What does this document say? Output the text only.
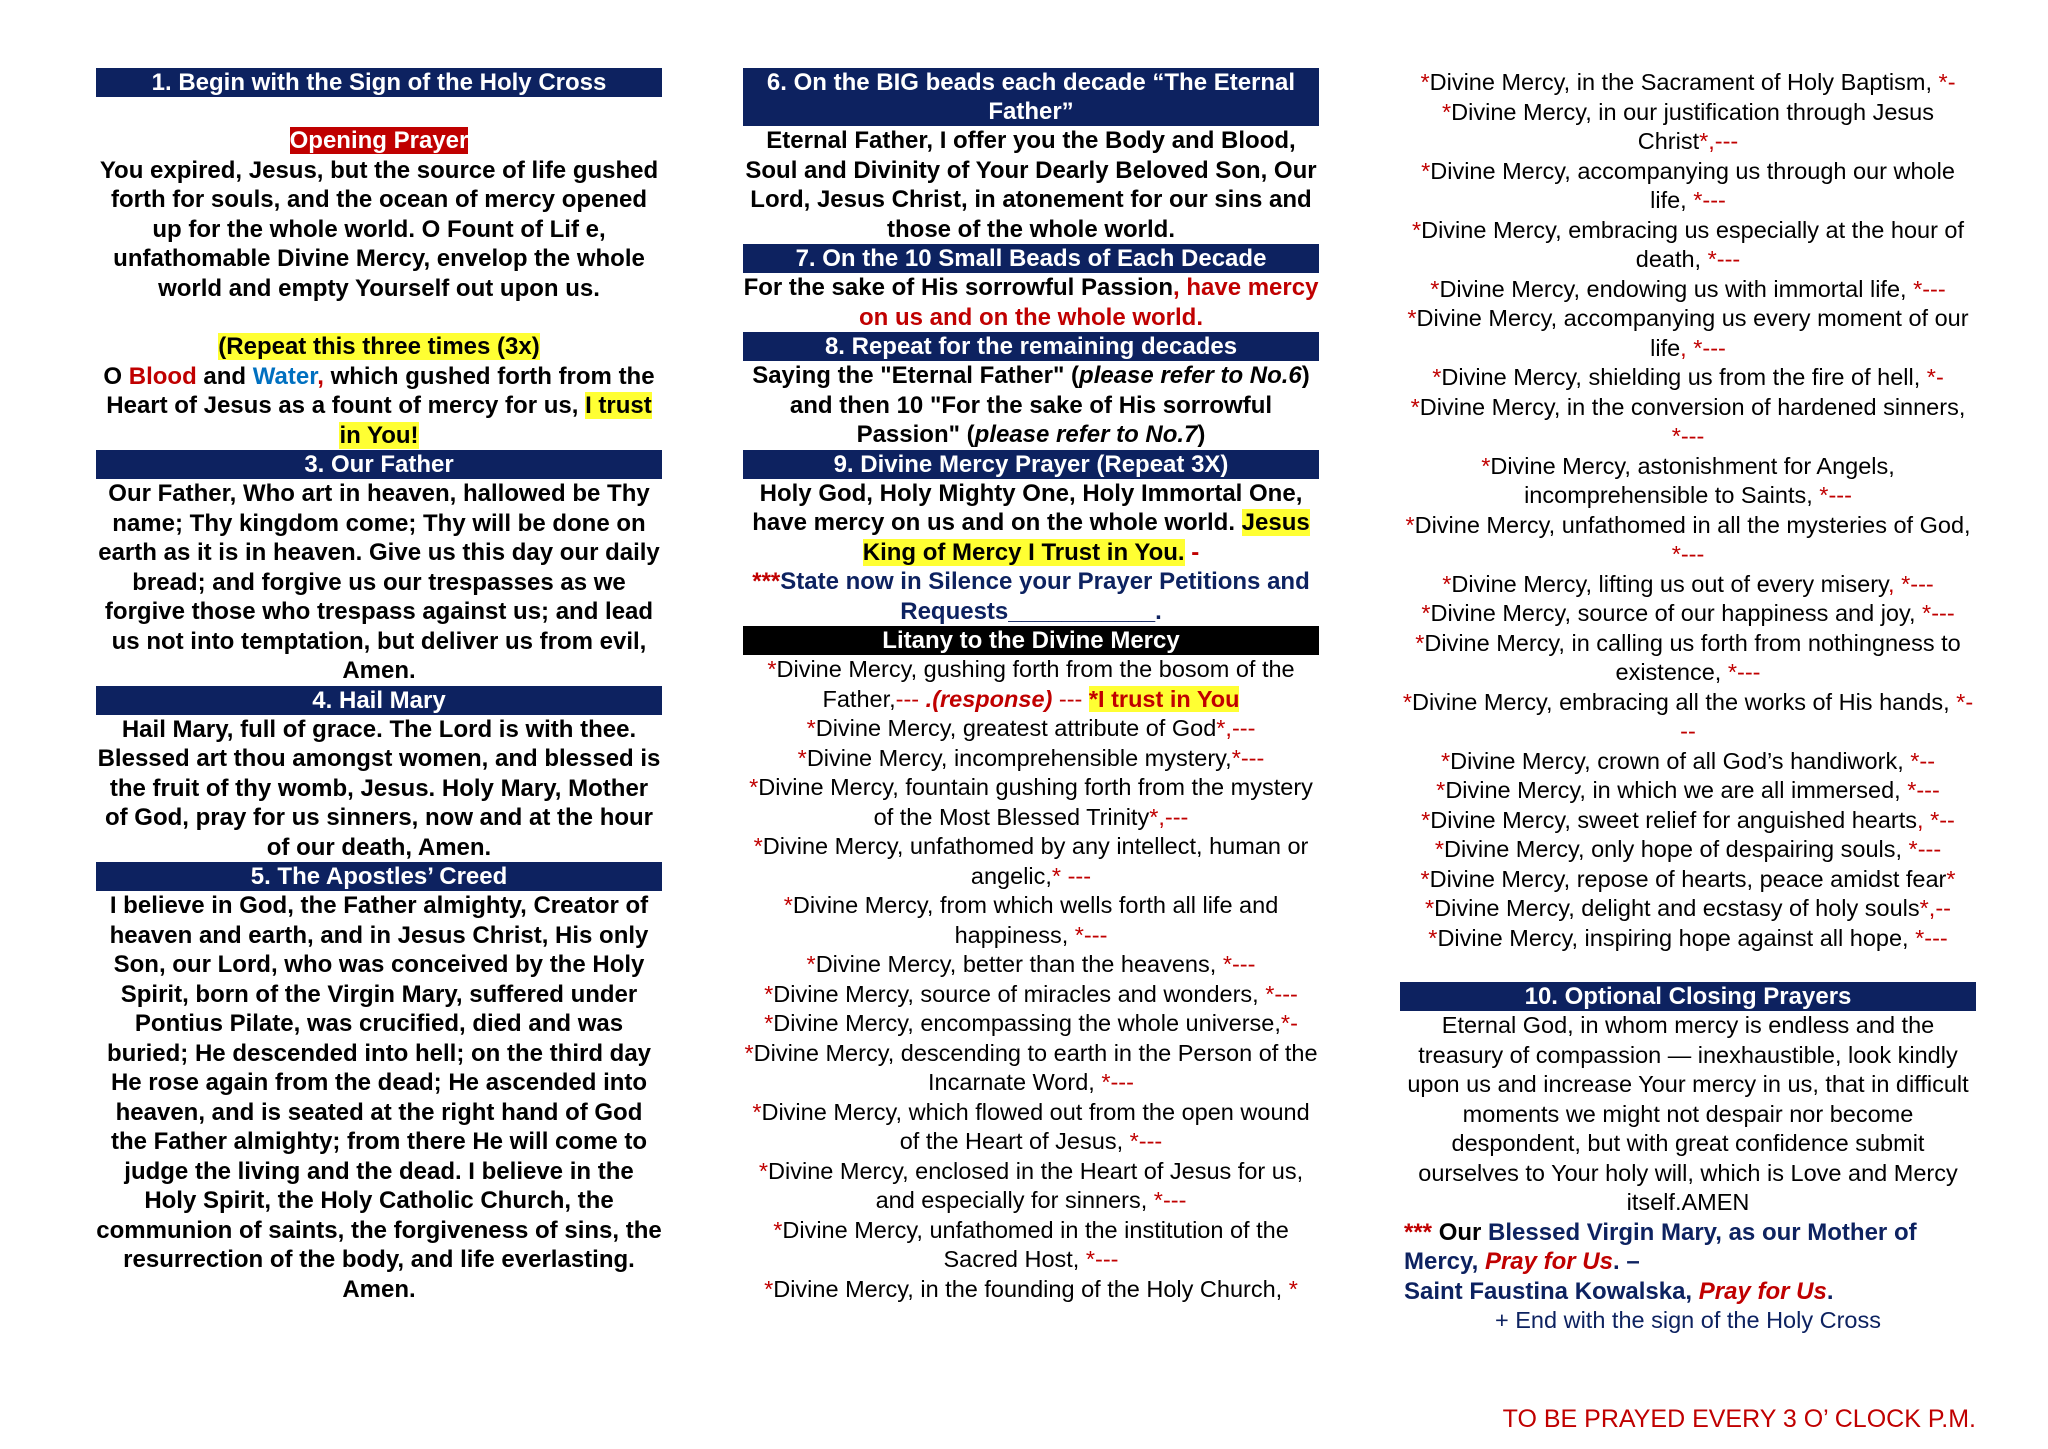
1. Begin with the Sign of the Holy Cross

Opening Prayer

You expired, Jesus, but the source of life gushed forth for souls, and the ocean of mercy opened up for the whole world. O Fount of Lif e, unfathomable Divine Mercy, envelop the whole world and empty Yourself out upon us.

(Repeat this three times (3x)

O Blood and Water, which gushed forth from the Heart of Jesus as a fount of mercy for us, I trust in You!

3. Our Father

Our Father, Who art in heaven, hallowed be Thy name; Thy kingdom come; Thy will be done on earth as it is in heaven. Give us this day our daily bread; and forgive us our trespasses as we forgive those who trespass against us; and lead us not into temptation, but deliver us from evil, Amen.

4. Hail Mary

Hail Mary, full of grace. The Lord is with thee. Blessed art thou amongst women, and blessed is the fruit of thy womb, Jesus. Holy Mary, Mother of God, pray for us sinners, now and at the hour of our death, Amen.

5. The Apostles’ Creed

I believe in God, the Father almighty, Creator of heaven and earth, and in Jesus Christ, His only Son, our Lord, who was conceived by the Holy Spirit, born of the Virgin Mary, suffered under Pontius Pilate, was crucified, died and was buried; He descended into hell; on the third day He rose again from the dead; He ascended into heaven, and is seated at the right hand of God the Father almighty; from there He will come to judge the living and the dead. I believe in the Holy Spirit, the Holy Catholic Church, the communion of saints, the forgiveness of sins, the resurrection of the body, and life everlasting. Amen.

6. On the BIG beads each decade “The Eternal Father”

Eternal Father, I offer you the Body and Blood, Soul and Divinity of Your Dearly Beloved Son, Our Lord, Jesus Christ, in atonement for our sins and those of the whole world.

7. On the 10 Small Beads of Each Decade

For the sake of His sorrowful Passion, have mercy on us and on the whole world.

8. Repeat for the remaining decades

Saying the "Eternal Father" (please refer to No.6) and then 10 "For the sake of His sorrowful Passion" (please refer to No.7)

9. Divine Mercy Prayer (Repeat 3X)

Holy God, Holy Mighty One, Holy Immortal One, have mercy on us and on the whole world. Jesus King of Mercy I Trust in You. -

***State now in Silence your Prayer Petitions and Requests___________.

Litany to the Divine Mercy

*Divine Mercy, gushing forth from the bosom of the Father,--- .(response) --- *I trust in You

*Divine Mercy, greatest attribute of God*,---

*Divine Mercy, incomprehensible mystery,*---

*Divine Mercy, fountain gushing forth from the mystery of the Most Blessed Trinity*,---

*Divine Mercy, unfathomed by any intellect, human or angelic,* ---

*Divine Mercy, from which wells forth all life and happiness, *---

*Divine Mercy, better than the heavens, *---

*Divine Mercy, source of miracles and wonders, *---

*Divine Mercy, encompassing the whole universe,*-

*Divine Mercy, descending to earth in the Person of the Incarnate Word, *---

*Divine Mercy, which flowed out from the open wound of the Heart of Jesus, *---

*Divine Mercy, enclosed in the Heart of Jesus for us, and especially for sinners, *---

*Divine Mercy, unfathomed in the institution of the Sacred Host, *---

*Divine Mercy, in the founding of the Holy Church, *

*Divine Mercy, in the Sacrament of Holy Baptism, *-

*Divine Mercy, in our justification through Jesus Christ*,---

*Divine Mercy, accompanying us through our whole life, *---

*Divine Mercy, embracing us especially at the hour of death, *---

*Divine Mercy, endowing us with immortal life, *---

*Divine Mercy, accompanying us every moment of our life, *---

*Divine Mercy, shielding us from the fire of hell, *-

*Divine Mercy, in the conversion of hardened sinners, *---

*Divine Mercy, astonishment for Angels, incomprehensible to Saints, *---

*Divine Mercy, unfathomed in all the mysteries of God, *---

*Divine Mercy, lifting us out of every misery, *---

*Divine Mercy, source of our happiness and joy, *---

*Divine Mercy, in calling us forth from nothingness to existence, *---

*Divine Mercy, embracing all the works of His hands, *---

*Divine Mercy, crown of all God’s handiwork, *--

*Divine Mercy, in which we are all immersed, *---

*Divine Mercy, sweet relief for anguished hearts, *--

*Divine Mercy, only hope of despairing souls, *---

*Divine Mercy, repose of hearts, peace amidst fear*

*Divine Mercy, delight and ecstasy of holy souls*,--

*Divine Mercy, inspiring hope against all hope, *---

10. Optional Closing Prayers

Eternal God, in whom mercy is endless and the treasury of compassion — inexhaustible, look kindly upon us and increase Your mercy in us, that in difficult moments we might not despair nor become despondent, but with great confidence submit ourselves to Your holy will, which is Love and Mercy itself.AMEN

*** Our Blessed Virgin Mary, as our Mother of Mercy, Pray for Us. –
Saint Faustina Kowalska, Pray for Us.

+ End with the sign of the Holy Cross

TO BE PRAYED EVERY 3 O’ CLOCK P.M.
